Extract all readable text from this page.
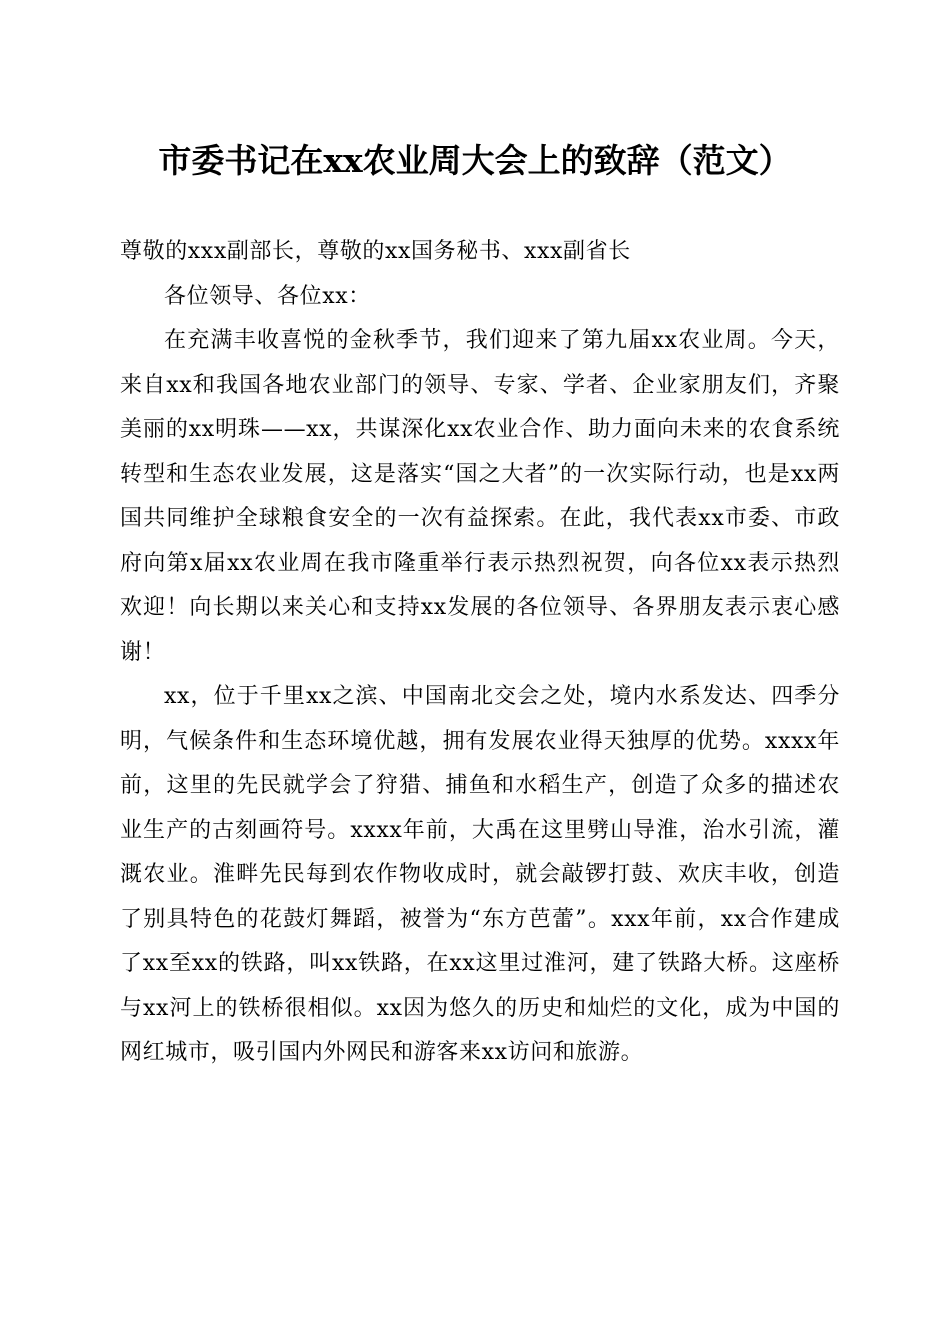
市委书记在xx农业周大会上的致辞（范文）

尊敬的xxx副部长，尊敬的xx国务秘书、xxx副省长

各位领导、各位xx：

在充满丰收喜悦的金秋季节，我们迎来了第九届xx农业周。今天，来自xx和我国各地农业部门的领导、专家、学者、企业家朋友们，齐聚美丽的xx明珠——xx，共谋深化xx农业合作、助力面向未来的农食系统转型和生态农业发展，这是落实“国之大者”的一次实际行动，也是xx两国共同维护全球粮食安全的一次有益探索。在此，我代表xx市委、市政府向第x届xx农业周在我市隆重举行表示热烈祝贺，向各位xx表示热烈欢迎！向长期以来关心和支持xx发展的各位领导、各界朋友表示衷心感谢！

xx，位于千里xx之滨、中国南北交会之处，境内水系发达、四季分明，气候条件和生态环境优越，拥有发展农业得天独厚的优势。xxxx年前，这里的先民就学会了狩猎、捕鱼和水稻生产，创造了众多的描述农业生产的古刻画符号。xxxx年前，大禹在这里劈山导淮，治水引流，灌溉农业。淮畔先民每到农作物收成时，就会敲锣打鼓、欢庆丰收，创造了别具特色的花鼓灯舞蹈，被誉为“东方芭蕾”。xxx年前，xx合作建成了xx至xx的铁路，叫xx铁路，在xx这里过淮河，建了铁路大桥。这座桥与xx河上的铁桥很相似。xx因为悠久的历史和灿烂的文化，成为中国的网红城市，吸引国内外网民和游客来xx访问和旅游。
